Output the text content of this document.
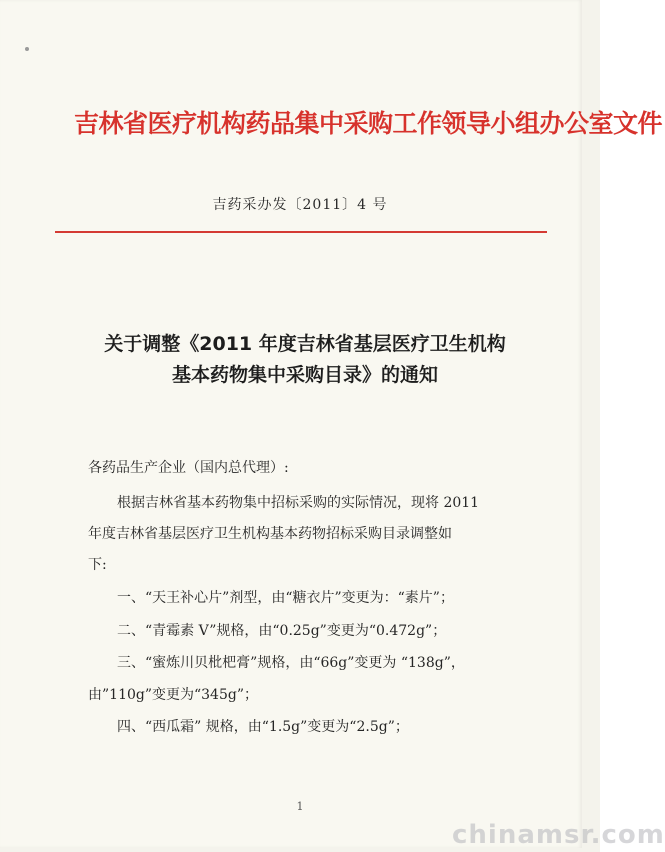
吉林省医疗机构药品集中采购工作领导小组办公室文件
吉药采办发〔2011〕4 号
关于调整《2011 年度吉林省基层医疗卫生机构
基本药物集中采购目录》的通知
各药品生产企业（国内总代理）:
根据吉林省基本药物集中招标采购的实际情况，现将 2011
年度吉林省基层医疗卫生机构基本药物招标采购目录调整如
下:
一、“天王补心片”剂型，由“糖衣片”变更为：“素片”；
二、“青霉素 V”规格，由“0.25g”变更为“0.472g”；
三、“蜜炼川贝枇杷膏”规格，由“66g”变更为 “138g”，
由”110g”变更为“345g”；
四、“西瓜霜” 规格，由“1.5g”变更为“2.5g”；
1
chinamsr.com
